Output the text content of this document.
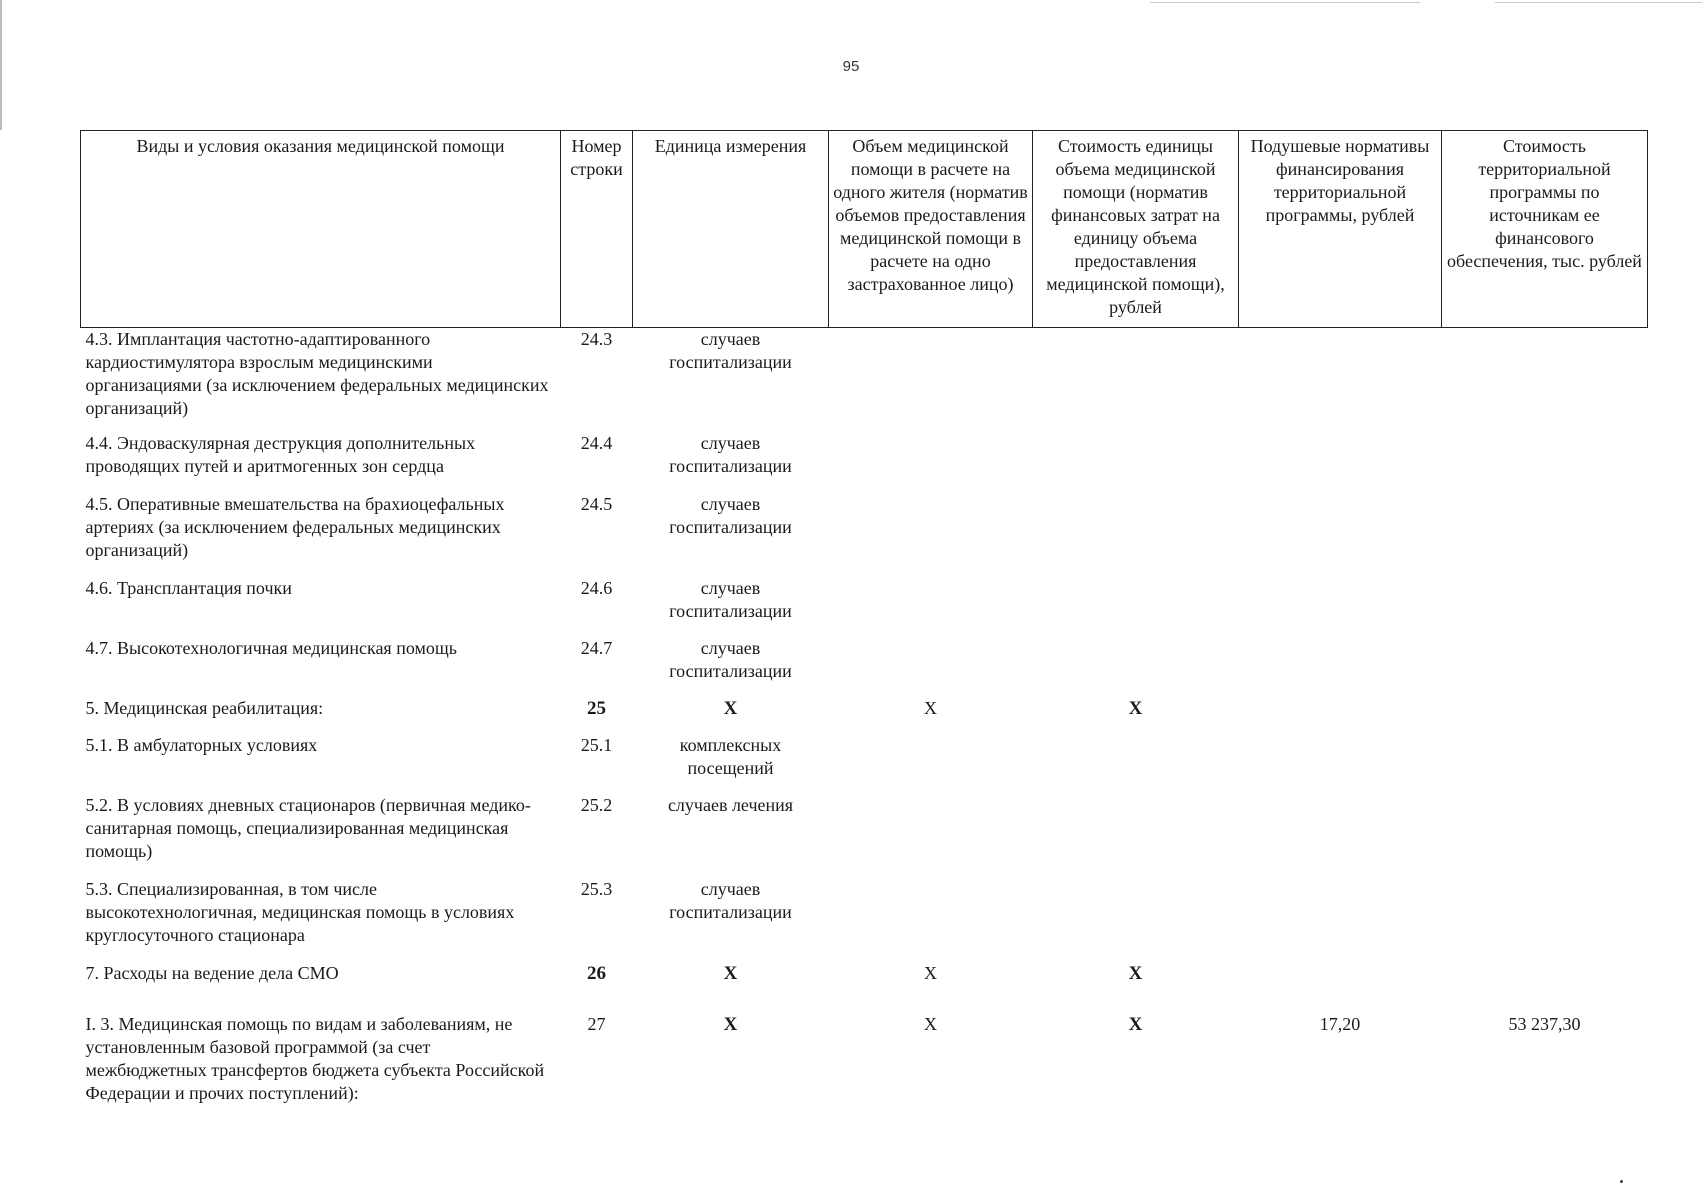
95
Виды и условия оказания медицинской помощи	Номер строки	Единица измерения	Объем медицинской помощи в расчете на одного жителя (норматив объемов предоставления медицинской помощи в расчете на одно застрахованное лицо)	Стоимость единицы объема медицинской помощи (норматив финансовых затрат на единицу объема предоставления медицинской помощи), рублей	Подушевые нормативы финансирования территориальной программы, рублей	Стоимость территориальной программы по источникам ее финансового обеспечения, тыс. рублей
4.3. Имплантация частотно-адаптированного кардиостимулятора взрослым медицинскими организациями (за исключением федеральных медицинских организаций)	24.3	случаев госпитализации				
4.4. Эндоваскулярная деструкция дополнительных проводящих путей и аритмогенных зон сердца	24.4	случаев госпитализации				
4.5. Оперативные вмешательства на брахиоцефальных артериях (за исключением федеральных медицинских организаций)	24.5	случаев госпитализации				
4.6. Трансплантация почки	24.6	случаев госпитализации				
4.7. Высокотехнологичная медицинская помощь	24.7	случаев госпитализации				
5. Медицинская реабилитация:	25	X	X	X		
5.1. В амбулаторных условиях	25.1	комплексных посещений				
5.2. В условиях дневных стационаров (первичная медико-санитарная помощь, специализированная медицинская помощь)	25.2	случаев лечения				
5.3. Специализированная, в том числе высокотехнологичная, медицинская помощь в условиях круглосуточного стационара	25.3	случаев госпитализации				
7. Расходы на ведение дела СМО	26	X	X	X		
I. 3. Медицинская помощь по видам и заболеваниям, не установленным базовой программой (за счет межбюджетных трансфертов бюджета субъекта Российской Федерации и прочих поступлений):	27	X	X	X	17,20	53 237,30
